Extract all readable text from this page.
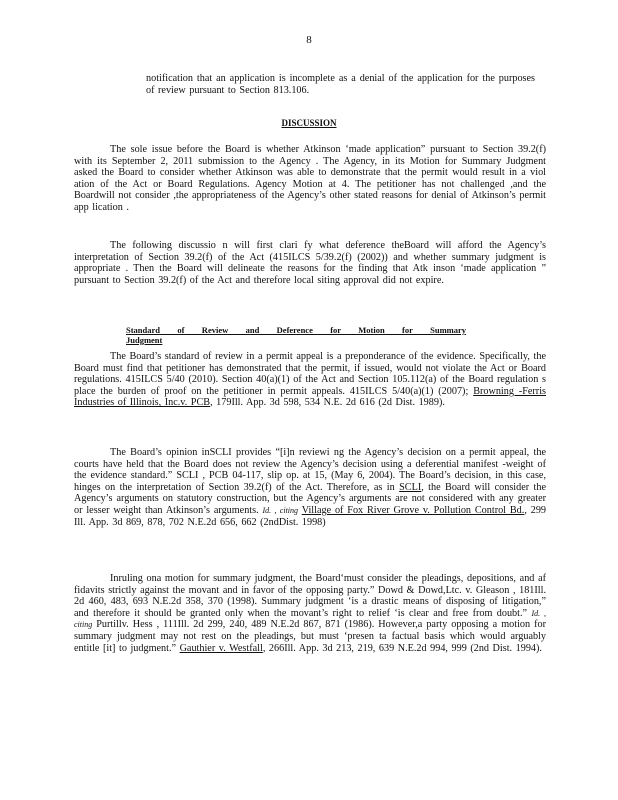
8
notification that an application is incomplete as a denial of the application for the purposes of review pursuant to Section 813.106.
DISCUSSION
The sole issue before the Board is whether Atkinson ‘made application” pursuant to Section 39.2(f) with its September 2, 2011 submission to the Agency . The Agency, in its Motion for Summary Judgment asked the Board to consider whether Atkinson was able to demonstrate that the permit would result in a viol ation of the Act or Board Regulations. Agency Motion at 4. The petitioner has not challenged ,and the Boardwill not consider ,the appropriateness of the Agency’s other stated reasons for denial of Atkinson’s permit app lication .
The following discussio n will first clari fy what deference theBoard will afford the Agency’s interpretation of Section 39.2(f) of the Act (415ILCS 5/39.2(f) (2002)) and whether summary judgment is appropriate . Then the Board will delineate the reasons for the finding that Atk inson ‘made application ” pursuant to Section 39.2(f) of the Act and therefore local siting approval did not expire.
Standard of Review and Deference for Motion for Summary Judgment
The Board’s standard of review in a permit appeal is a preponderance of the evidence. Specifically, the Board must find that petitioner has demonstrated that the permit, if issued, would not violate the Act or Board regulations. 415ILCS 5/40 (2010). Section 40(a)(1) of the Act and Section 105.112(a) of the Board regulation s place the burden of proof on the petitioner in permit appeals. 415ILCS 5/40(a)(1) (2007); Browning -Ferris Industries of Illinois, Inc.v. PCB, 179Ill. App. 3d 598, 534 N.E. 2d 616 (2d Dist. 1989).
The Board’s opinion inSCLI provides “[i]n reviewi ng the Agency’s decision on a permit appeal, the courts have held that the Board does not review the Agency’s decision using a deferential manifest -weight of the evidence standard.” SCLI , PCB 04-117, slip op. at 15, (May 6, 2004). The Board’s decision, in this case, hinges on the interpretation of Section 39.2(f) of the Act. Therefore, as in SCLI, the Board will consider the Agency’s arguments on statutory construction, but the Agency’s arguments are not considered with any greater or lesser weight than Atkinson’s arguments. Id. , citing Village of Fox River Grove v. Pollution Control Bd., 299 Ill. App. 3d 869, 878, 702 N.E.2d 656, 662 (2ndDist. 1998)
Inruling ona motion for summary judgment, the Board‘must consider the pleadings, depositions, and af fidavits strictly against the movant and in favor of the opposing party.” Dowd & Dowd,Ltc. v. Gleason , 181Ill. 2d 460, 483, 693 N.E.2d 358, 370 (1998). Summary judgment ‘is a drastic means of disposing of litigation,” and therefore it should be granted only when the movant’s right to relief ‘is clear and free from doubt.” Id. , citing Purtillv. Hess , 111Ill. 2d 299, 240, 489 N.E.2d 867, 871 (1986). However,a party opposing a motion for summary judgment may not rest on the pleadings, but must ‘presen ta factual basis which would arguably entitle [it] to judgment.” Gauthier v. Westfall, 266Ill. App. 3d 213, 219, 639 N.E.2d 994, 999 (2nd Dist. 1994).
